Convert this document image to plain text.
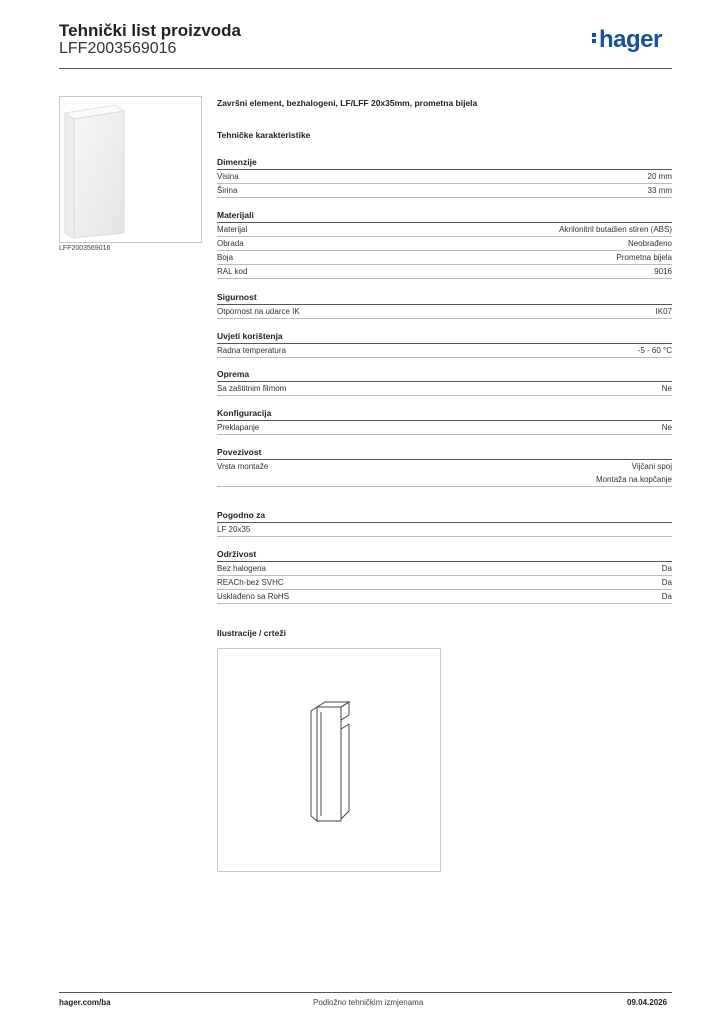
Tehnički list proizvoda
LFF2003569016	hager
LFF2003569016
Završni element, bezhalogeni, LF/LFF 20x35mm, prometna bijela
Tehničke karakteristike
Dimenzije
Visina	20 mm
Širina	33 mm
Materijali
Materijal	Akrilonitril butadien stiren (ABS)
Obrada	Neobrađeno
Boja	Prometna bijela
RAL kod	9016
Sigurnost
Otpornost na udarce IK	IK07
Uvjeti korištenja
Radna temperatura	-5 - 60 °C
Oprema
Sa zaštitnim filmom	Ne
Konfiguracija
Preklapanje	Ne
Povezivost
Vrsta montaže	Vijčani spoj
Montaža na kopčanje
Pogodno za
LF 20x35
Održivost
Bez halogena	Da
REACh-bez SVHC	Da
Usklađeno sa RoHS	Da
Ilustracije / crteži
hager.com/ba	Podložno tehničkim izmjenama	09.04.2026
